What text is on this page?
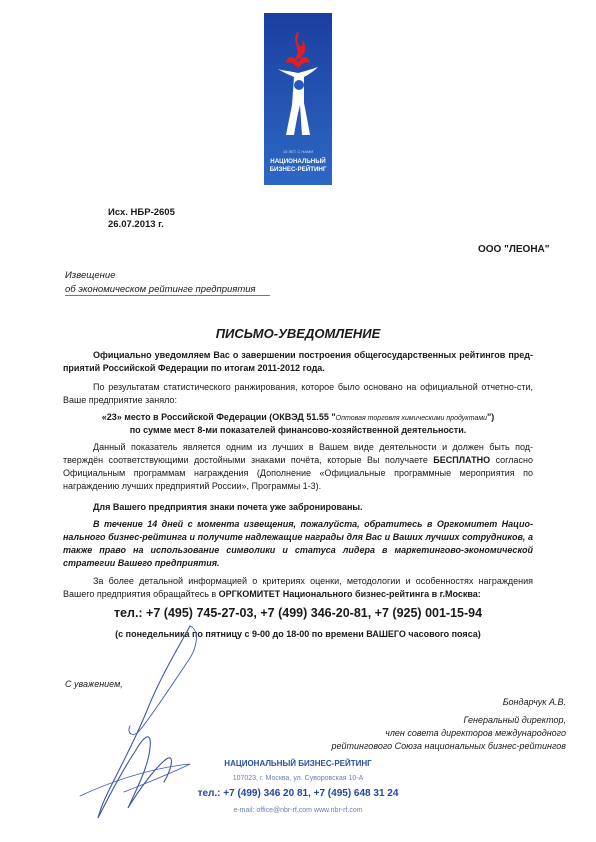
15 ЛЕТ С НАМИ
НАЦИОНАЛЬНЫЙ
БИЗНЕС-РЕЙТИНГ
Исх. НБР-2605
26.07.2013 г.
ООО "ЛЕОНА"
Извещение
об экономическом рейтинге предприятия
ПИСЬМО-УВЕДОМЛЕНИЕ
Официально уведомляем Вас о завершении построения общегосударственных рейтингов пред-приятий Российской Федерации по итогам 2011-2012 года.
По результатам статистического ранжирования, которое было основано на официальной отчетно-сти, Ваше предприятие заняло:
«23» место в Российской Федерации (ОКВЭД 51.55 "Оптовая торговля химическими продуктами")
по сумме мест 8-ми показателей финансово-хозяйственной деятельности.
Данный показатель является одним из лучших в Вашем виде деятельности и должен быть под-тверждён соответствующими достойными знаками почёта, которые Вы получаете БЕСПЛАТНО согласно Официальным программам награждения (Дополнение «Официальные программные мероприятия по награждению лучших предприятий России», Программы 1-3).
Для Вашего предприятия знаки почета уже забронированы.
В течение 14 дней с момента извещения, пожалуйста, обратитесь в Оргкомитет Нацио-нального бизнес-рейтинга и получите надлежащие награды для Вас и Ваших лучших сотрудников, а также право на использование символики и статуса лидера в маркетингово-экономической стратегии Вашего предприятия.
За более детальной информацией о критериях оценки, методологии и особенностях награждения Вашего предприятия обращайтесь в ОРГКОМИТЕТ Национального бизнес-рейтинга в г.Москва:
тел.: +7 (495) 745-27-03, +7 (499) 346-20-81, +7 (925) 001-15-94
(с понедельника по пятницу с 9-00 до 18-00 по времени ВАШЕГО часового пояса)
С уважением,
Бондарчук А.В.
Генеральный директор,
член совета директоров международного
рейтингового Союза национальных бизнес-рейтингов
НАЦИОНАЛЬНЫЙ БИЗНЕС-РЕЙТИНГ
107023, г. Москва, ул. Суворовская 10-А
тел.: +7 (499) 346 20 81, +7 (495) 648 31 24
e-mail: office@nbr-rf.com www.nbr-rf.com
